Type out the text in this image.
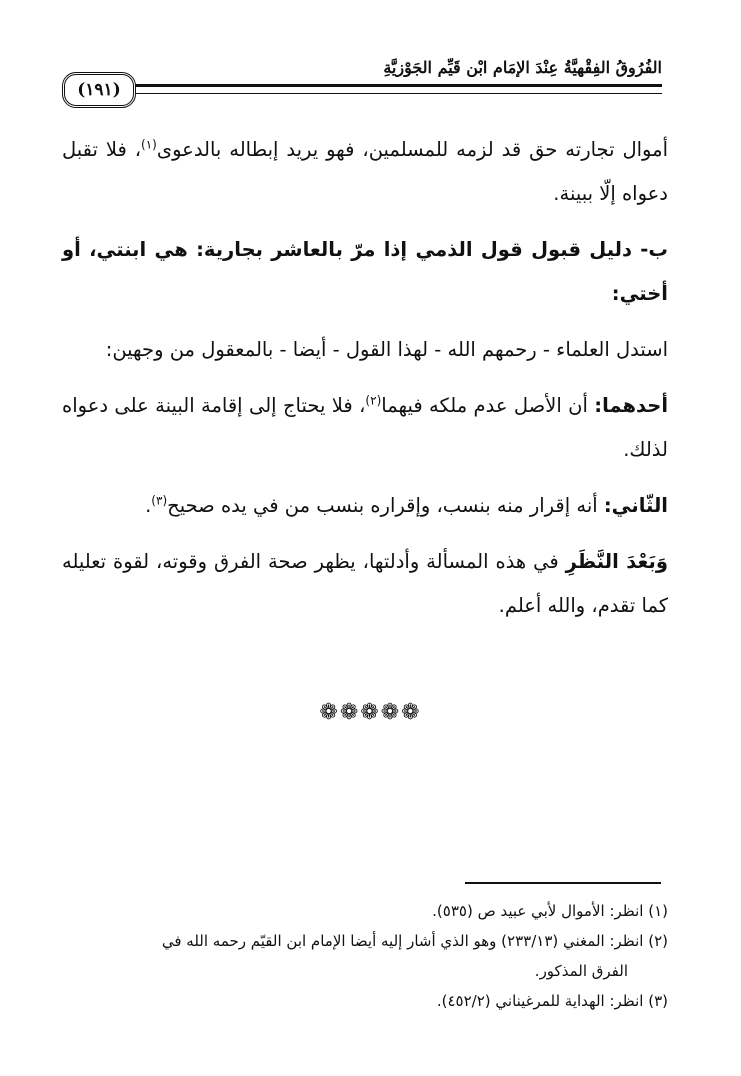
الفُرُوقُ الفِقْهِيَّةُ عِنْدَ الإِمَامِ ابْنِ قَيِّمِ الجَوْزِيَّةِ
(١٩١)

أموال تجارته حق قد لزمه للمسلمين، فهو يريد إبطاله بالدعوى$^{(١)}$، فلا تقبل دعواه إلّا ببينة.

ب- دليل قبول قول الذمي إذا مرّ بالعاشر بجارية: هي ابنتي، أو أختي:

استدل العلماء - رحمهم الله - لهذا القول - أيضا - بالمعقول من وجهين:

أحدهما: أن الأصل عدم ملكه فيهما$^{(٢)}$، فلا يحتاج إلى إقامة البينة على دعواه لذلك.

الثّاني: أنه إقرار منه بنسب، وإقراره بنسب من في يده صحيح$^{(٣)}$.

وَبَعْدَ النَّظَرِ في هذه المسألة وأدلتها، يظهر صحة الفرق وقوته، لقوة تعليله كما تقدم، والله أعلم.

❁❁❁❁❁

(١) انظر: الأموال لأبي عبيد ص (٥٣٥).

(٢) انظر: المغني (٢٣٣/١٣) وهو الذي أشار إليه أيضا الإمام ابن القيّم رحمه الله في

الفرق المذكور.

(٣) انظر: الهداية للمرغيناني (٤٥٢/٢).
